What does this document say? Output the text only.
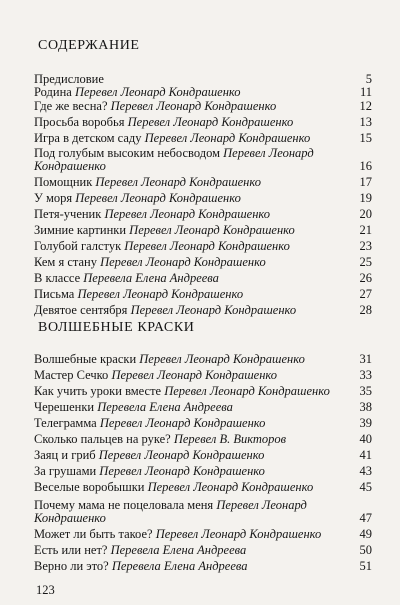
СОДЕРЖАНИЕ
Предисловие	5
Родина Перевел Леонард Кондрашенко	11
Где же весна? Перевел Леонард Кондрашенко	12
Просьба воробья Перевел Леонард Кондрашенко	13
Игра в детском саду Перевел Леонард Кондрашенко	15
Под голубым высоким небосводом Перевел Леонард Кондрашенко	16
Помощник Перевел Леонард Кондрашенко	17
У моря Перевел Леонард Кондрашенко	19
Петя-ученик Перевел Леонард Кондрашенко	20
Зимние картинки Перевел Леонард Кондрашенко	21
Голубой галстук Перевел Леонард Кондрашенко	23
Кем я стану Перевел Леонард Кондрашенко	25
В классе Перевела Елена Андреева	26
Письма Перевел Леонард Кондрашенко	27
Девятое сентября Перевел Леонард Кондрашенко	28
ВОЛШЕБНЫЕ КРАСКИ
Волшебные краски Перевел Леонард Кондрашенко	31
Мастер Сечко Перевел Леонард Кондрашенко	33
Как учить уроки вместе Перевел Леонард Кондрашенко 35
Черешенки Перевела Елена Андреева	38
Телеграмма Перевел Леонард Кондрашенко	39
Сколько пальцев на руке? Перевел В. Викторов	40
Заяц и гриб Перевел Леонард Кондрашенко	41
За грушами Перевел Леонард Кондрашенко	43
Веселые воробышки Перевел Леонард Кондрашенко	45
Почему мама не поцеловала меня Перевел Леонард Кондрашенко	47
Может ли быть такое? Перевел Леонард Кондрашенко	49
Есть или нет? Перевела Елена Андреева	50
Верно ли это? Перевела Елена Андреева	51
123
